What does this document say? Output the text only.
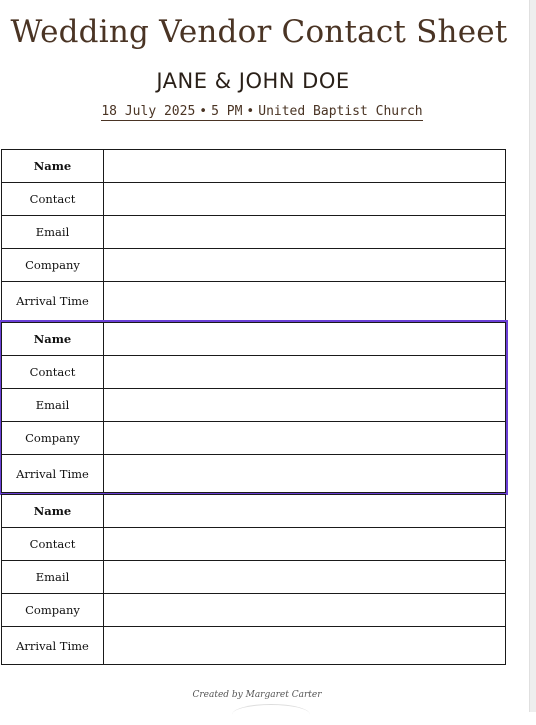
Wedding Vendor Contact Sheet
JANE & JOHN DOE
18 July 2025 • 5 PM • United Baptist Church
Name	
Contact	
Email	
Company	
Arrival Time	
Name	
Contact	
Email	
Company	
Arrival Time	
Name	
Contact	
Email	
Company	
Arrival Time	
Created by Margaret Carter
